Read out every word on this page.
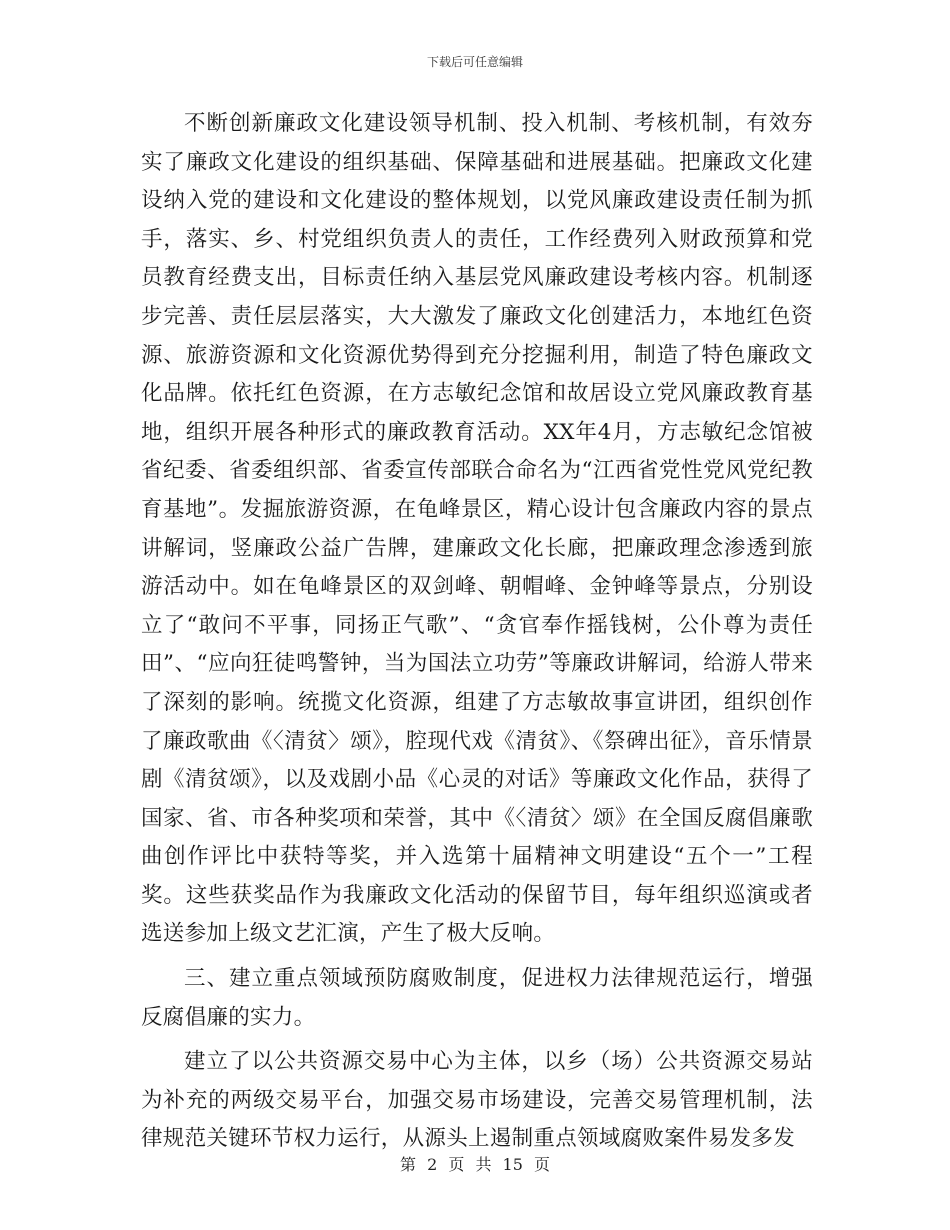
下载后可任意编辑

不断创新廉政文化建设领导机制、投入机制、考核机制，有效夯实了廉政文化建设的组织基础、保障基础和进展基础。把廉政文化建设纳入党的建设和文化建设的整体规划，以党风廉政建设责任制为抓手，落实、乡、村党组织负责人的责任，工作经费列入财政预算和党员教育经费支出，目标责任纳入基层党风廉政建设考核内容。机制逐步完善、责任层层落实，大大激发了廉政文化创建活力，本地红色资源、旅游资源和文化资源优势得到充分挖掘利用，制造了特色廉政文化品牌。依托红色资源，在方志敏纪念馆和故居设立党风廉政教育基地，组织开展各种形式的廉政教育活动。XX年4月，方志敏纪念馆被省纪委、省委组织部、省委宣传部联合命名为“江西省党性党风党纪教育基地”。发掘旅游资源，在龟峰景区，精心设计包含廉政内容的景点讲解词，竖廉政公益广告牌，建廉政文化长廊，把廉政理念渗透到旅游活动中。如在龟峰景区的双剑峰、朝帽峰、金钟峰等景点，分别设立了“敢问不平事，同扬正气歌”、“贪官奉作摇钱树，公仆尊为责任田”、“应向狂徒鸣警钟，当为国法立功劳”等廉政讲解词，给游人带来了深刻的影响。统揽文化资源，组建了方志敏故事宣讲团，组织创作了廉政歌曲《〈清贫〉颂》，腔现代戏《清贫》、《祭碑出征》，音乐情景剧《清贫颂》，以及戏剧小品《心灵的对话》等廉政文化作品，获得了国家、省、市各种奖项和荣誉，其中《〈清贫〉颂》在全国反腐倡廉歌曲创作评比中获特等奖，并入选第十届精神文明建设“五个一”工程奖。这些获奖品作为我廉政文化活动的保留节目，每年组织巡演或者选送参加上级文艺汇演，产生了极大反响。

三、建立重点领域预防腐败制度，促进权力法律规范运行，增强反腐倡廉的实力。

建立了以公共资源交易中心为主体，以乡（场）公共资源交易站为补充的两级交易平台，加强交易市场建设，完善交易管理机制，法律规范关键环节权力运行，从源头上遏制重点领域腐败案件易发多发

第 2 页 共 15 页
